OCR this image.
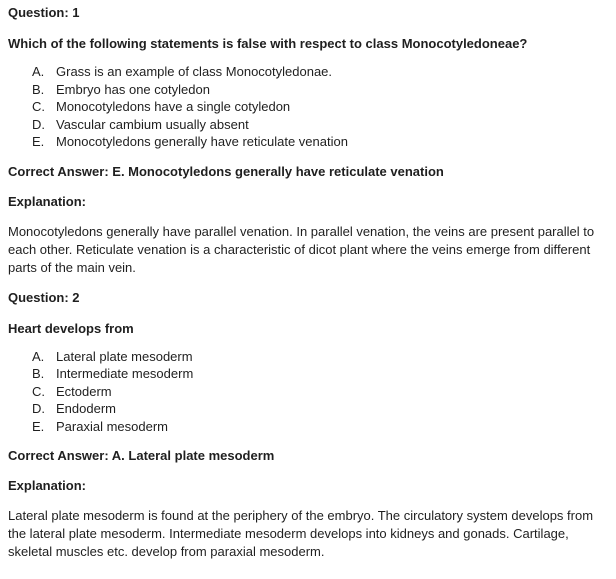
Question: 1

Which of the following statements is false with respect to class Monocotyledoneae?

A. Grass is an example of class Monocotyledonae.
B. Embryo has one cotyledon
C. Monocotyledons have a single cotyledon
D. Vascular cambium usually absent
E. Monocotyledons generally have reticulate venation

Correct Answer: E. Monocotyledons generally have reticulate venation

Explanation:

Monocotyledons generally have parallel venation. In parallel venation, the veins are present parallel to each other. Reticulate venation is a characteristic of dicot plant where the veins emerge from different parts of the main vein.

Question: 2

Heart develops from

A. Lateral plate mesoderm
B. Intermediate mesoderm
C. Ectoderm
D. Endoderm
E. Paraxial mesoderm

Correct Answer: A. Lateral plate mesoderm

Explanation:

Lateral plate mesoderm is found at the periphery of the embryo. The circulatory system develops from the lateral plate mesoderm. Intermediate mesoderm develops into kidneys and gonads. Cartilage, skeletal muscles etc. develop from paraxial mesoderm.
